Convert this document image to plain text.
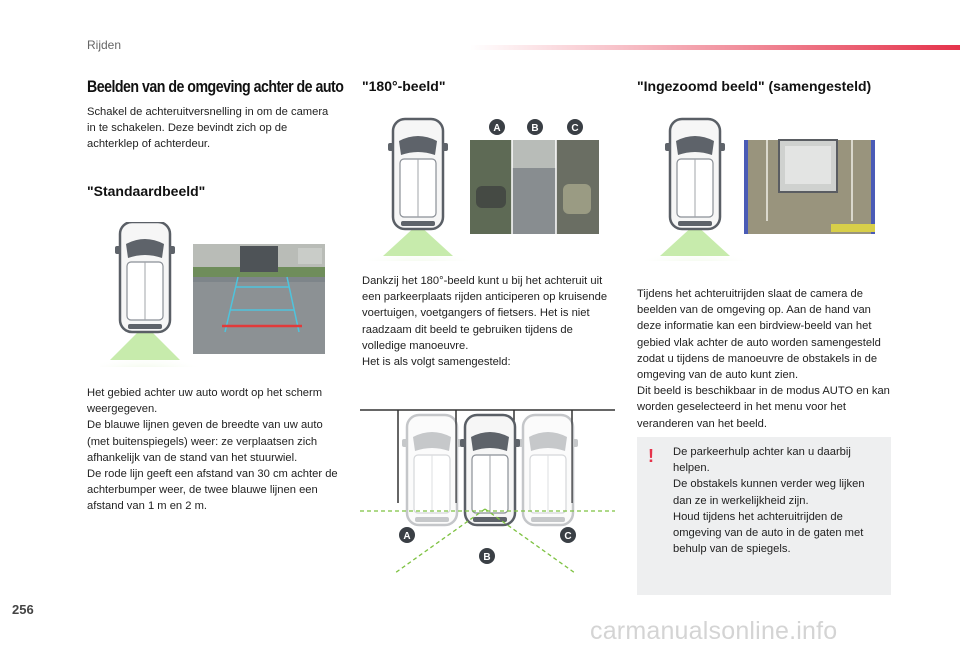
Rijden
Beelden van de omgeving achter de auto

Schakel de achteruitversnelling in om de camera in te schakelen. Deze bevindt zich op de achterklep of achterdeur.

"Standaardbeeld"

Het gebied achter uw auto wordt op het scherm weergegeven.

De blauwe lijnen geven de breedte van uw auto (met buitenspiegels) weer: ze verplaatsen zich afhankelijk van de stand van het stuurwiel.

De rode lijn geeft een afstand van 30 cm achter de achterbumper weer, de twee blauwe lijnen een afstand van 1 m en 2 m.

"180°-beeld"
A	B	C

Dankzij het 180°-beeld kunt u bij het achteruit uit een parkeerplaats rijden anticiperen op kruisende voertuigen, voetgangers of fietsers. Het is niet raadzaam dit beeld te gebruiken tijdens de volledige manoeuvre.

Het is als volgt samengesteld:

A
B
C
"Ingezoomd beeld" (samengesteld)

Tijdens het achteruitrijden slaat de camera de beelden van de omgeving op. Aan de hand van deze informatie kan een birdview-beeld van het gebied vlak achter de auto worden samengesteld zodat u tijdens de manoeuvre de obstakels in de omgeving van de auto kunt zien.

Dit beeld is beschikbaar in de modus AUTO en kan worden geselecteerd in het menu voor het veranderen van het beeld.

!	De parkeerhulp achter kan u daarbij helpen.

De obstakels kunnen verder weg lijken dan ze in werkelijkheid zijn.

Houd tijdens het achteruitrijden de omgeving van de auto in de gaten met behulp van de spiegels.

256
carmanualsonline.info
